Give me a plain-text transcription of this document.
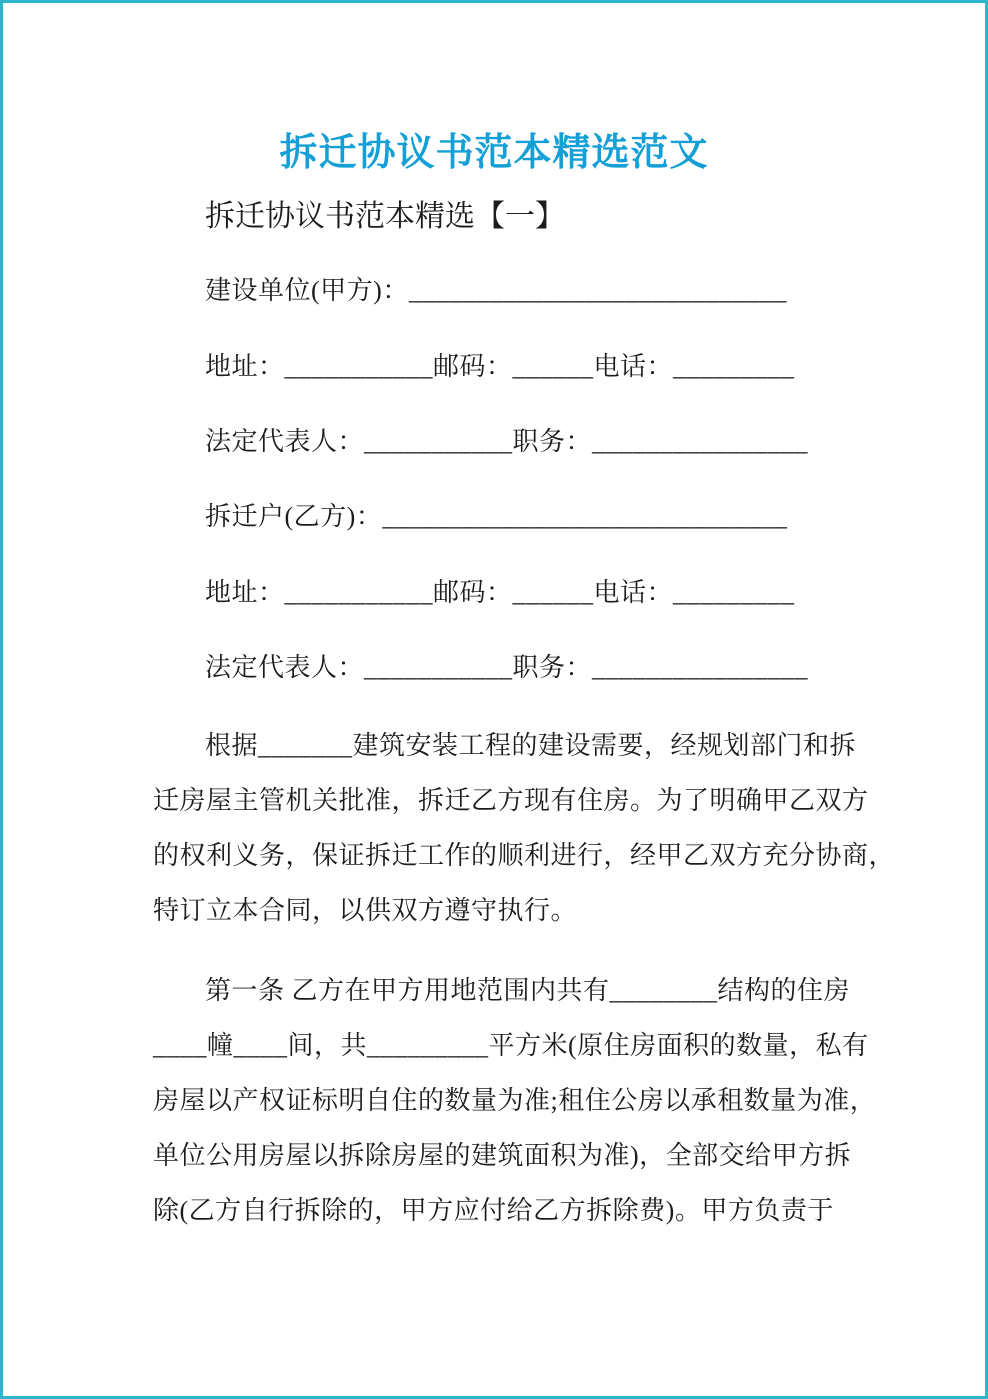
拆迁协议书范本精选范文
拆迁协议书范本精选【一】
建设单位(甲方)：____________________________
地址：___________邮码：______电话：_________
法定代表人：___________职务：________________
拆迁户(乙方)：______________________________
地址：___________邮码：______电话：_________
法定代表人：___________职务：________________
根据_______建筑安装工程的建设需要，经规划部门和拆
迁房屋主管机关批准，拆迁乙方现有住房。为了明确甲乙双方
的权利义务，保证拆迁工作的顺利进行，经甲乙双方充分协商，
特订立本合同，以供双方遵守执行。
第一条 乙方在甲方用地范围内共有________结构的住房
____幢____间，共_________平方米(原住房面积的数量，私有
房屋以产权证标明自住的数量为准;租住公房以承租数量为准，
单位公用房屋以拆除房屋的建筑面积为准)，全部交给甲方拆
除(乙方自行拆除的，甲方应付给乙方拆除费)。甲方负责于
